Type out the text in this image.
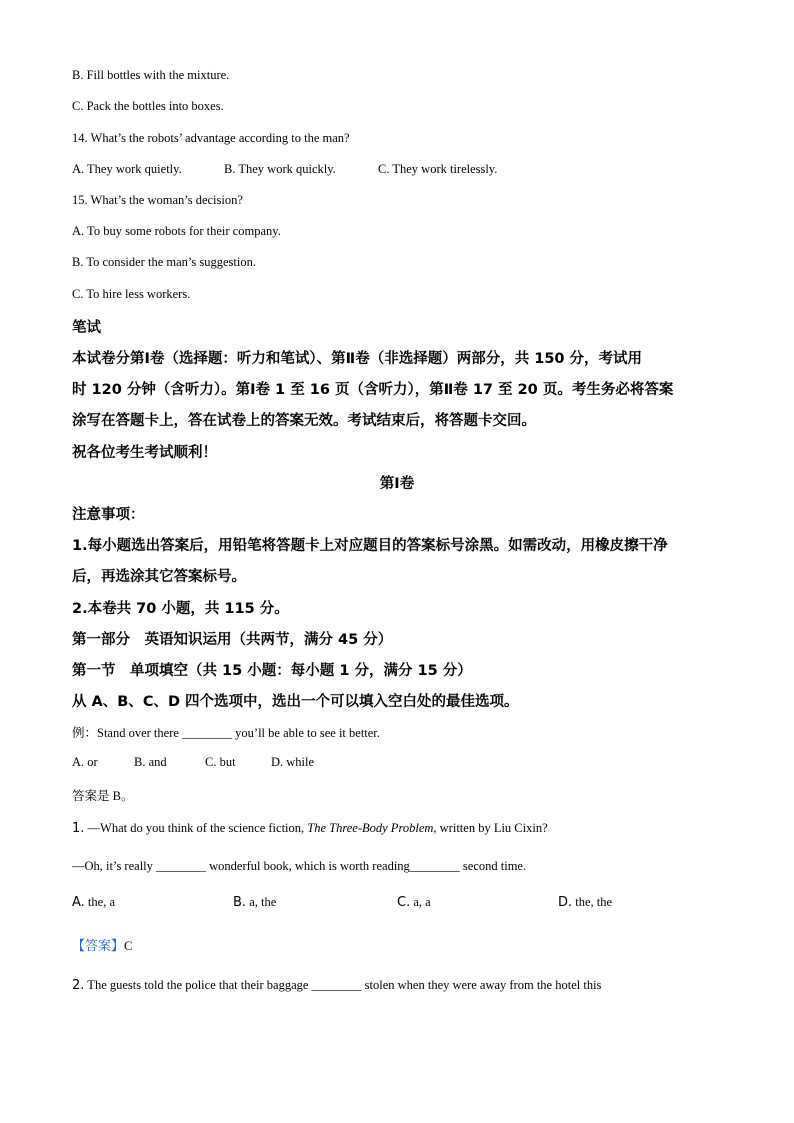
B. Fill bottles with the mixture.
C. Pack the bottles into boxes.
14. What’s the robots’ advantage according to the man?
A. They work quietly.	B. They work quickly.	C. They work tirelessly.
15. What’s the woman’s decision?
A. To buy some robots for their company.
B. To consider the man’s suggestion.
C. To hire less workers.
笔试
本试卷分第Ⅰ卷（选择题：听力和笔试）、第Ⅱ卷（非选择题）两部分，共 150 分，考试用
时 120 分钟（含听力）。第Ⅰ卷 1 至 16 页（含听力），第Ⅱ卷 17 至 20 页。考生务必将答案
涂写在答题卡上，答在试卷上的答案无效。考试结束后，将答题卡交回。
祝各位考生考试顺利！
第Ⅰ卷
注意事项：
1.每小题选出答案后，用铅笔将答题卡上对应题目的答案标号涂黑。如需改动，用橡皮擦干净
后，再选涂其它答案标号。
2.本卷共 70 小题，共 115 分。
第一部分　英语知识运用（共两节，满分 45 分）
第一节　单项填空（共 15 小题：每小题 1 分，满分 15 分）
从 A、B、C、D 四个选项中，选出一个可以填入空白处的最佳选项。
例：Stand over there ________ you’ll be able to see it better.
A. or	B. and	C. but	D. while
答案是 B。
1. —What do you think of the science fiction, The Three-Body Problem, written by Liu Cixin?
—Oh, it’s really ________ wonderful book, which is worth reading________ second time.
A. the, a	B. a, the	C. a, a	D. the, the
【答案】C
2. The guests told the police that their baggage ________ stolen when they were away from the hotel this
